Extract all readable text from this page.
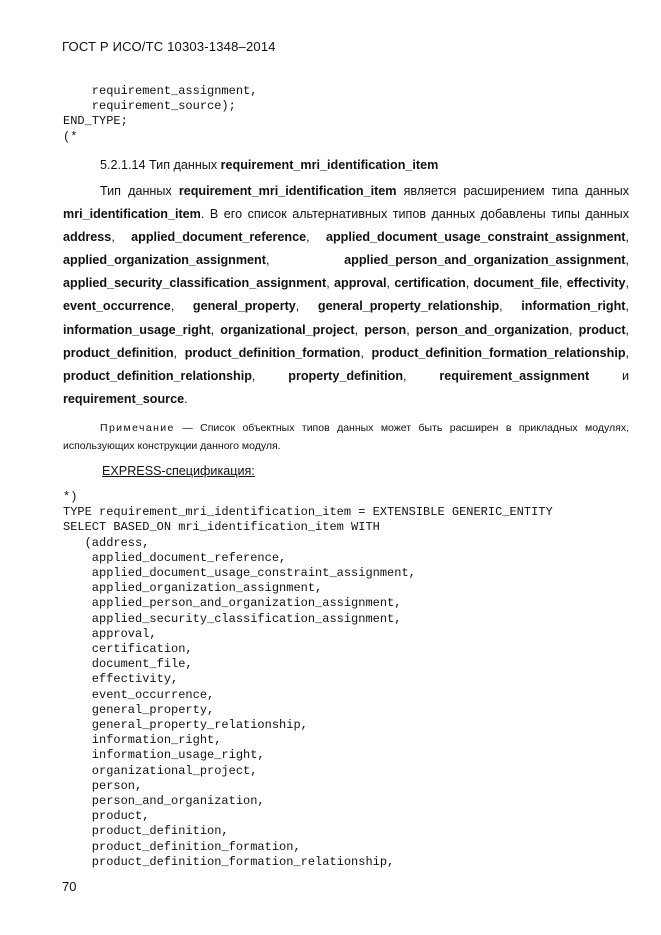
ГОСТ Р ИСО/ТС 10303-1348–2014
requirement_assignment,
requirement_source);
END_TYPE;
(*

5.2.1.14 Тип данных requirement_mri_identification_item

Тип данных requirement_mri_identification_item является расширением типа данных mri_identification_item. В его список альтернативных типов данных добавлены типы данных address, applied_document_reference, applied_document_usage_constraint_assignment, applied_organization_assignment, applied_person_and_organization_assignment, applied_security_classification_assignment, approval, certification, document_file, effectivity, event_occurrence, general_property, general_property_relationship, information_right, information_usage_right, organizational_project, person, person_and_organization, product, product_definition, product_definition_formation, product_definition_formation_relationship, product_definition_relationship, property_definition, requirement_assignment и requirement_source.

Примечание — Список объектных типов данных может быть расширен в прикладных модулях, использующих конструкции данного модуля.

EXPRESS-спецификация:
*)
TYPE requirement_mri_identification_item = EXTENSIBLE GENERIC_ENTITY
SELECT BASED_ON mri_identification_item WITH
(address,
applied_document_reference,
applied_document_usage_constraint_assignment,
applied_organization_assignment,
applied_person_and_organization_assignment,
applied_security_classification_assignment,
approval,
certification,
document_file,
effectivity,
event_occurrence,
general_property,
general_property_relationship,
information_right,
information_usage_right,
organizational_project,
person,
person_and_organization,
product,
product_definition,
product_definition_formation,
product_definition_formation_relationship,

70
